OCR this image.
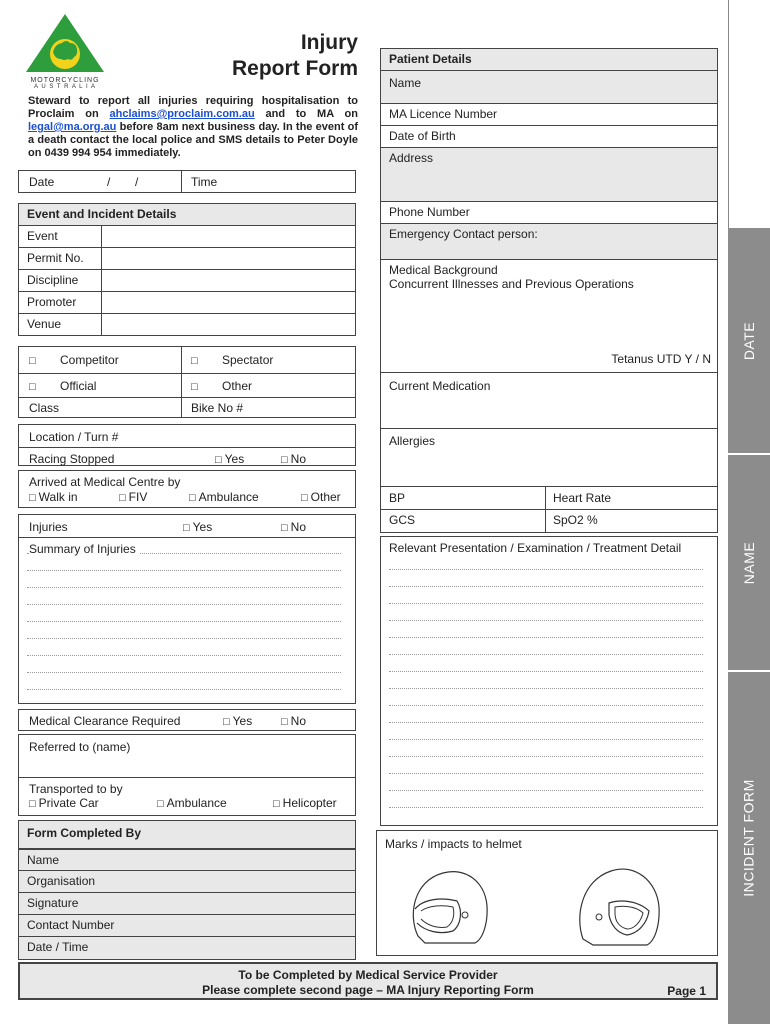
MOTORCYCLING
A U S T R A L I A
Injury
Report Form
Steward to report all injuries requiring hospitalisation to Proclaim on ahclaims@proclaim.com.au and to MA on legal@ma.org.au before 8am next business day. In the event of a death contact the local police and SMS details to Peter Doyle on 0439 994 954 immediately.
Date	/ /	Time
Event and Incident Details
Event
Permit No.
Discipline
Promoter
Venue
□ Competitor	□ Spectator
□ Official	□ Other
Class	Bike No #
Location / Turn #
Racing Stopped	□ Yes	□ No
Arrived at Medical Centre by
□ Walk in	□ FIV	□ Ambulance	□ Other
Injuries	□ Yes	□ No
Summary of Injuries
Medical Clearance Required	□ Yes	□ No
Referred to (name)
Transported to by
□ Private Car	□ Ambulance	□ Helicopter
Form Completed By
Name
Organisation
Signature
Contact Number
Date / Time
Patient Details
Name
MA Licence Number
Date of Birth
Address
Phone Number
Emergency Contact person:
Medical Background
Concurrent Illnesses and Previous Operations
Tetanus UTD Y / N
Current Medication
Allergies
BP	Heart Rate
GCS	SpO2 %
Relevant Presentation / Examination / Treatment Detail
Marks / impacts to helmet
To be Completed by Medical Service Provider
Please complete second page – MA Injury Reporting Form	Page 1
DATE
NAME
INCIDENT FORM
